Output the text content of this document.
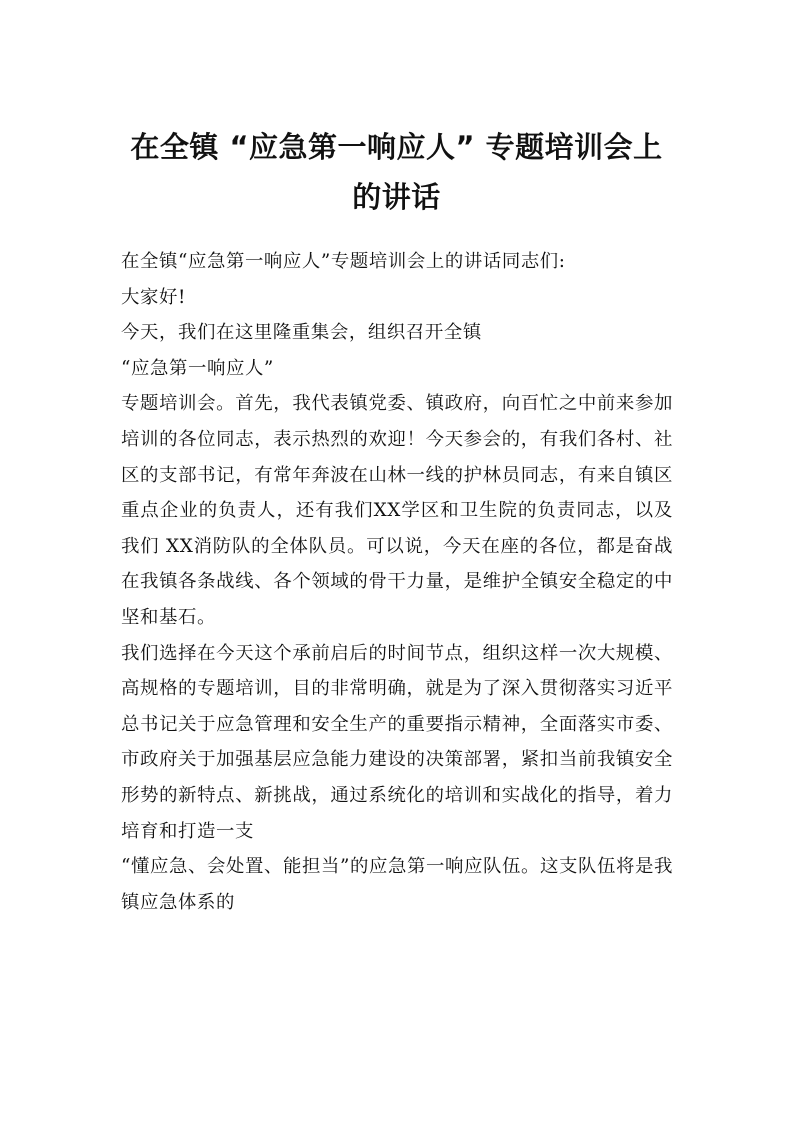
在全镇 “应急第一响应人” 专题培训会上
的讲话

在全镇“应急第一响应人”专题培训会上的讲话同志们:

大家好!

今天，我们在这里隆重集会，组织召开全镇

“应急第一响应人”

专题培训会。首先，我代表镇党委、镇政府，向百忙之中前来参加培训的各位同志，表示热烈的欢迎！今天参会的，有我们各村、社区的支部书记，有常年奔波在山林一线的护林员同志，有来自镇区重点企业的负责人，还有我们XX学区和卫生院的负责同志，以及我们 XX消防队的全体队员。可以说，今天在座的各位，都是奋战在我镇各条战线、各个领域的骨干力量，是维护全镇安全稳定的中坚和基石。

我们选择在今天这个承前启后的时间节点，组织这样一次大规模、高规格的专题培训，目的非常明确，就是为了深入贯彻落实习近平总书记关于应急管理和安全生产的重要指示精神，全面落实市委、市政府关于加强基层应急能力建设的决策部署，紧扣当前我镇安全形势的新特点、新挑战，通过系统化的培训和实战化的指导，着力培育和打造一支

“懂应急、会处置、能担当”的应急第一响应队伍。这支队伍将是我镇应急体系的
